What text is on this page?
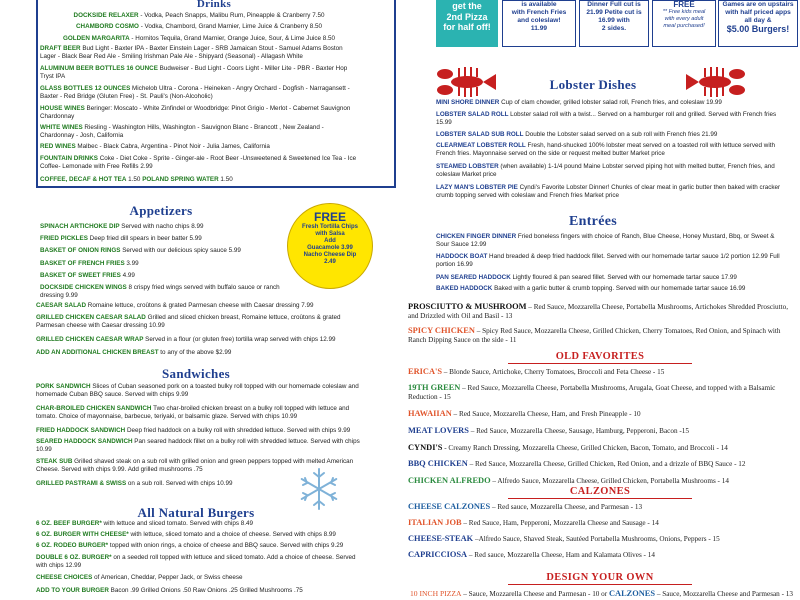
Drinks
DOCKSIDE RELAXER - Vodka, Peach Snapps, Malibu Rum, Pineapple & Cranberry 7.50
CHAMBORD COSMO - Vodka, Chambord, Grand Marnier, Lime Juice & Cranberry 8.50
GOLDEN MARGARITA - Hornitos Tequila, Grand Marnier, Orange Juice, Sour, & Lime Juice 8.50
DRAFT BEER Bud Light - Baxter IPA - Baxter Einstein Lager - SRB Jamaican Stout - Samuel Adams Boston Lager - Black Bear Red Ale - Smiling Irishman Pale Ale - Shipyard (Seasonal) - Allagash White
ALUMINUM BEER BOTTLES 16 OUNCE Budweiser - Bud Light - Coors Light - Miller Lite - PBR - Baxter Hop Tryst IPA
GLASS BOTTLES 12 OUNCES Michelob Ultra - Corona - Heineken - Angry Orchard - Dogfish - Narragansett - Baxter - Red Bridge (Gluten Free) - St. Pauli's (Non-Alcoholic)
HOUSE WINES Beringer: Moscato - White Zinfindel or Woodbridge: Pinot Grigio - Merlot - Cabernet Sauvignon Chardonnay
WHITE WINES Riesling - Washington Hills, Washington - Sauvignon Blanc - Brancott , New Zealand - Chardonnay - Josh, California
RED WINES Malbec - Black Cabra, Argentina - Pinot Noir - Julia James, California
FOUNTAIN DRINKS Coke - Diet Coke - Sprite - Ginger-ale - Root Beer -Unsweetened & Sweetened Ice Tea - Ice Coffee- Lemonade with Free Refills 2.99
COFFEE, DECAF & HOT TEA 1.50 POLAND SPRING WATER 1.50
Appetizers
SPINACH ARTICHOKE DIP Served with nacho chips 8.99
FRIED PICKLES Deep fried dill spears in beer batter 5.99
BASKET OF ONION RINGS Served with our delicious spicy sauce 5.99
BASKET OF FRENCH FRIES 3.99
BASKET OF SWEET FRIES 4.99
DOCKSIDE CHICKEN WINGS 8 crispy fried wings served with buffalo sauce or ranch dressing 9.99
FREE
Fresh Tortilla Chips
with Salsa
Add
Guacamole 3.99
Nacho Cheese Dip
2.49
CAESAR SALAD Romaine lettuce, croûtons & grated Parmesan cheese with Caesar dressing 7.99
GRILLED CHICKEN CAESAR SALAD Grilled and sliced chicken breast, Romaine lettuce, croûtons & grated Parmesan cheese with Caesar dressing 10.99
GRILLED CHICKEN CAESAR WRAP Served in a flour (or gluten free) tortilla wrap served with chips 12.99
ADD AN ADDITIONAL CHICKEN BREAST to any of the above $2.99
Sandwiches
PORK SANDWICH Slices of Cuban seasoned pork on a toasted bulky roll topped with our homemade coleslaw and homemade Cuban BBQ sauce. Served with chips 9.99
CHAR-BROILED CHICKEN SANDWICH Two char-broiled chicken breast on a bulky roll topped with lettuce and tomato. Choice of mayonnaise, barbecue, teriyaki, or balsamic glaze. Served with chips 10.99
FRIED HADDOCK SANDWICH Deep fried haddock on a bulky roll with shredded lettuce. Served with chips 9.99
SEARED HADDOCK SANDWICH Pan seared haddock fillet on a bulky roll with shredded lettuce. Served with chips 10.99
STEAK SUB Grilled shaved steak on a sub roll with grilled onion and green peppers topped with melted American Cheese. Served with chips 9.99. Add grilled mushrooms .75
GRILLED PASTRAMI & SWISS on a sub roll. Served with chips 10.99
All Natural Burgers
6 OZ. BEEF BURGER* with lettuce and sliced tomato. Served with chips 8.49
6 OZ. BURGER WITH CHEESE* with lettuce, sliced tomato and a choice of cheese. Served with chips 8.99
6 OZ. RODEO BURGER* topped with onion rings, a choice of cheese and BBQ sauce. Served with chips 9.29
DOUBLE 6 OZ. BURGER* on a seeded roll topped with lettuce and sliced tomato. Add a choice of cheese. Served with chips 12.99
CHEESE CHOICES of American, Cheddar, Pepper Jack, or Swiss cheese
ADD TO YOUR BURGER Bacon .99 Grilled Onions .50 Raw Onions .25 Grilled Mushrooms .75
get the
2nd Pizza
for half off!
is available
with French Fries
and coleslaw!
11.99
Dinner Full cut is
21.99 Petite cut is
16.99 with
2 sides.
FREE
** Free kids meal
with every adult
meal purchased!
Games are on upstairs
with half priced apps
all day &
$5.00 Burgers!
Lobster Dishes
MINI SHORE DINNER Cup of clam chowder, grilled lobster salad roll, French fries, and coleslaw 19.99
LOBSTER SALAD ROLL Lobster salad roll with a twist... Served on a hamburger roll and grilled. Served with French fries 15.99
LOBSTER SALAD SUB ROLL Double the Lobster salad served on a sub roll with French fries 21.99
CLEARMEAT LOBSTER ROLL Fresh, hand-shucked 100% lobster meat served on a toasted roll with lettuce served with French fries. Mayonnaise served on the side or request melted butter Market price
STEAMED LOBSTER (when available) 1-1/4 pound Maine Lobster served piping hot with melted butter, French fries, and coleslaw Market price
LAZY MAN'S LOBSTER PIE Cyndi's Favorite Lobster Dinner! Chunks of clear meat in garlic butter then baked with cracker crumb topping served with coleslaw and French fries Market price
Entrées
CHICKEN FINGER DINNER Fried boneless fingers with choice of Ranch, Blue Cheese, Honey Mustard, Bbq, or Sweet & Sour Sauce 12.99
HADDOCK BOAT Hand breaded & deep fried haddock fillet. Served with our homemade tartar sauce 1/2 portion 12.99 Full portion 16.99
PAN SEARED HADDOCK Lightly floured & pan seared fillet. Served with our homemade tartar sauce 17.99
BAKED HADDOCK Baked with a garlic butter & crumb topping. Served with our homemade tartar sauce 16.99
PROSCIUTTO & MUSHROOM – Red Sauce, Mozzarella Cheese, Portabella Mushrooms, Artichokes Shredded Prosciutto, and Drizzled with Oil and Basil - 13
SPICY CHICKEN – Spicy Red Sauce, Mozzarella Cheese, Grilled Chicken, Cherry Tomatoes, Red Onion, and Spinach with Ranch Dipping Sauce on the side - 11
OLD FAVORITES
ERICA'S – Blonde Sauce, Artichoke, Cherry Tomatoes, Broccoli and Feta Cheese - 15
19TH GREEN – Red Sauce, Mozzarella Cheese, Portabella Mushrooms, Arugala, Goat Cheese, and topped with a Balsamic Reduction - 15
HAWAIIAN – Red Sauce, Mozzarella Cheese, Ham, and Fresh Pineapple - 10
MEAT LOVERS – Red Sauce, Mozzarella Cheese, Sausage, Hamburg, Pepperoni, Bacon -15
CYNDI'S - Creamy Ranch Dressing, Mozzarella Cheese, Grilled Chicken, Bacon, Tomato, and Broccoli - 14
BBQ CHICKEN – Red Sauce, Mozzarella Cheese, Grilled Chicken, Red Onion, and a drizzle of BBQ Sauce - 12
CHICKEN ALFREDO – Alfredo Sauce, Mozzarella Cheese, Grilled Chicken, Portabella Mushrooms - 14
CALZONES
CHEESE CALZONES – Red sauce, Mozzarella Cheese, and Parmesan - 13
ITALIAN JOB – Red Sauce, Ham, Pepperoni, Mozzarella Cheese and Sausage - 14
CHEESE-STEAK –Alfredo Sauce, Shaved Steak, Sautéed Portabella Mushrooms, Onions, Peppers - 15
CAPRICCIOSA – Red sauce, Mozzarella Cheese, Ham and Kalamata Olives - 14
DESIGN YOUR OWN
10 INCH PIZZA – Sauce, Mozzarella Cheese and Parmesan - 10 or CALZONES – Sauce, Mozzarella Cheese and Parmesan - 13
